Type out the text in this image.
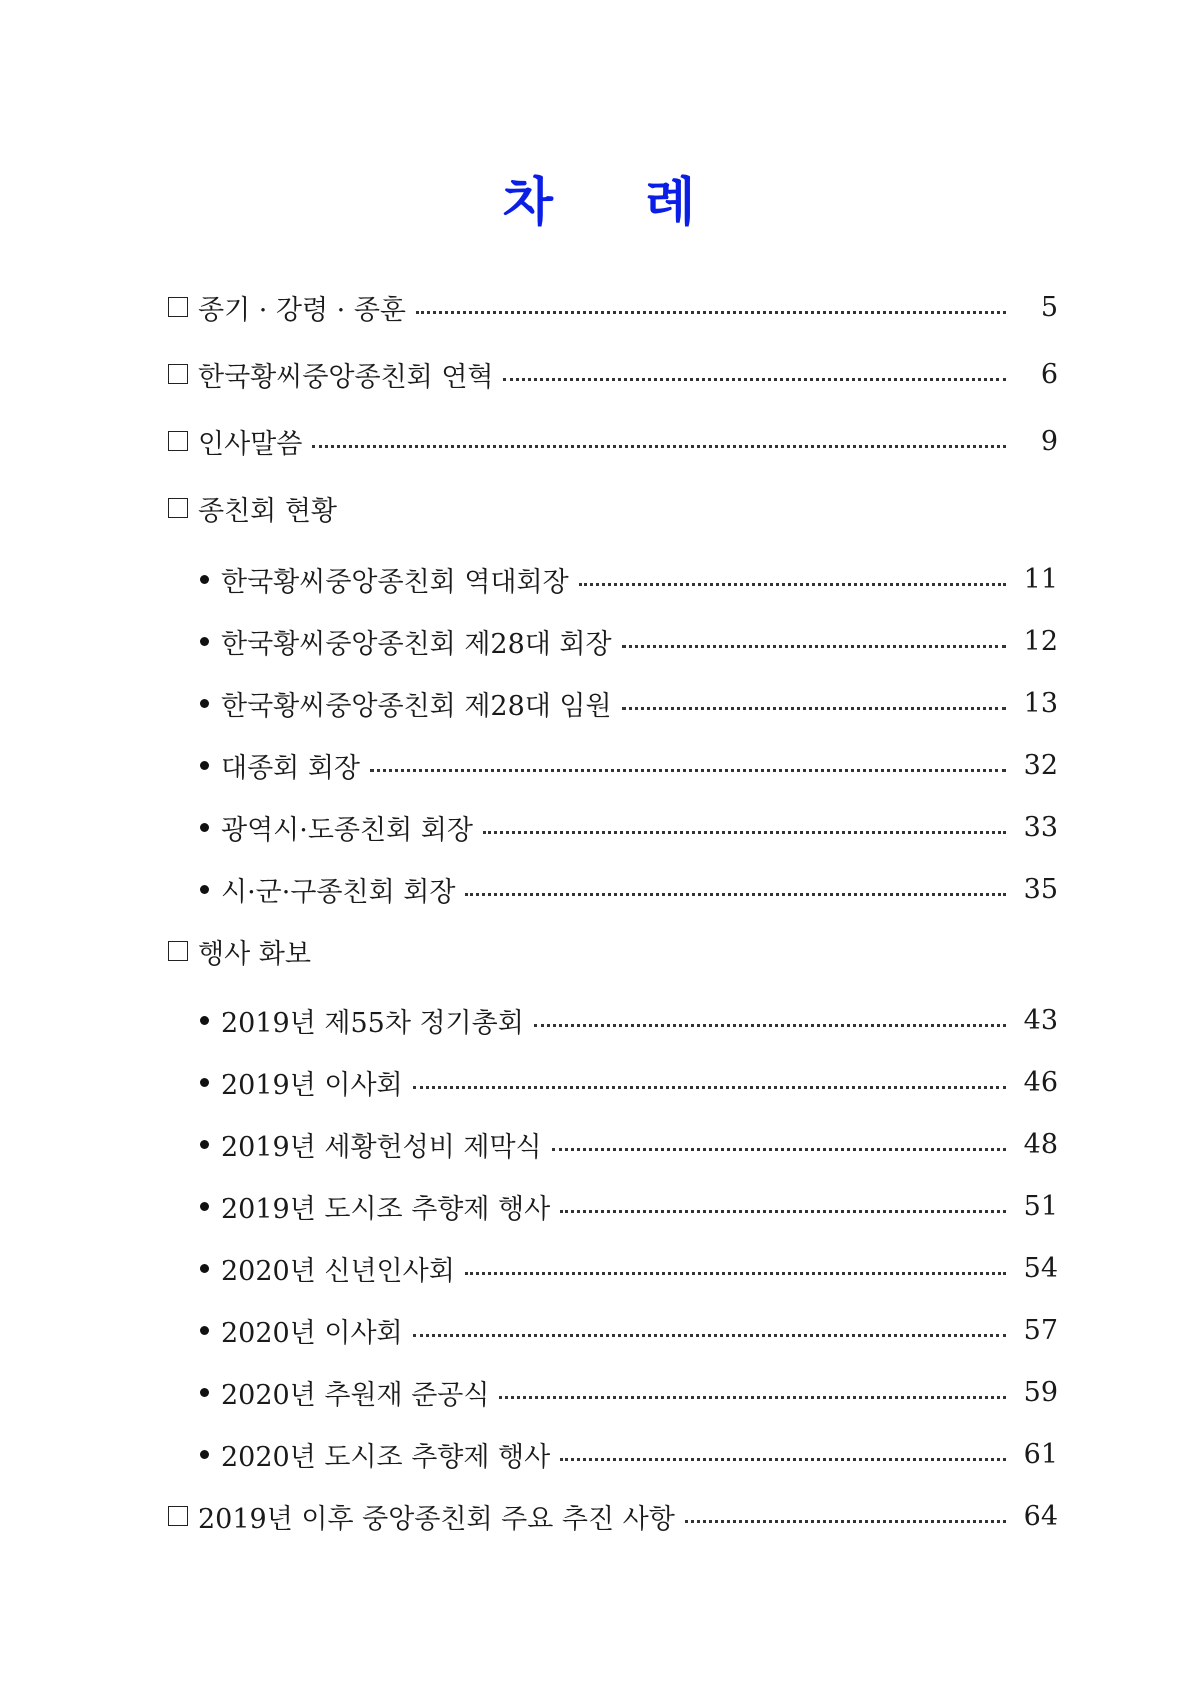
차 례
종기 · 강령 · 종훈	5
한국황씨중앙종친회 연혁	6
인사말씀	9
종친회 현황
한국황씨중앙종친회 역대회장	11
한국황씨중앙종친회 제28대 회장	12
한국황씨중앙종친회 제28대 임원	13
대종회 회장	32
광역시·도종친회 회장	33
시·군·구종친회 회장	35
행사 화보
2019년 제55차 정기총회	43
2019년 이사회	46
2019년 세황헌성비 제막식	48
2019년 도시조 추향제 행사	51
2020년 신년인사회	54
2020년 이사회	57
2020년 추원재 준공식	59
2020년 도시조 추향제 행사	61
2019년 이후 중앙종친회 주요 추진 사항	64
